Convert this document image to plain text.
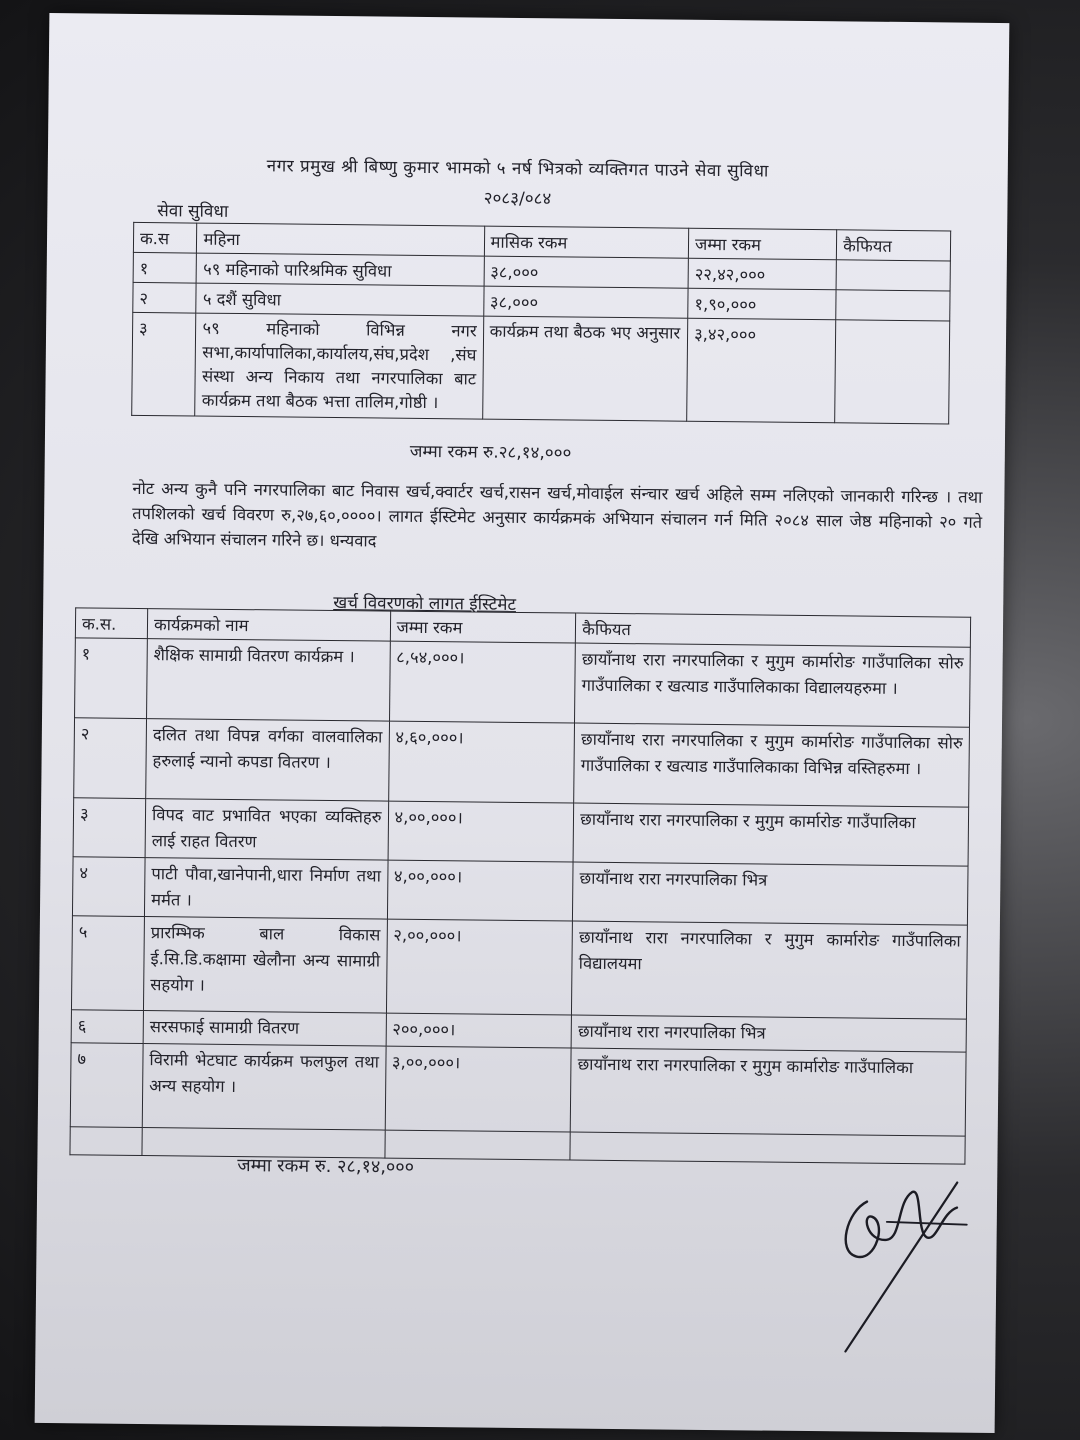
नगर प्रमुख श्री बिष्णु कुमार भामको ५ नर्ष भित्रको व्यक्तिगत पाउने सेवा सुविधा
२०८३/०८४
सेवा सुविधा
क.स	महिना	मासिक रकम	जम्मा रकम	कैफियत
१	५९ महिनाको पारिश्रमिक सुविधा	३८,०००	२२,४२,०००	
२	५ दशैं सुविधा	३८,०००	१,९०,०००	
३	५९ महिनाको विभिन्न नगर सभा,कार्यापालिका,कार्यालय,संघ,प्रदेश ,संघ संस्था अन्य निकाय तथा नगरपालिका बाट कार्यक्रम तथा बैठक भत्ता तालिम,गोष्ठी ।	कार्यक्रम तथा बैठक भए अनुसार	३,४२,०००	
जम्मा रकम रु.२८,१४,०००
नोट अन्य कुनै पनि नगरपालिका बाट निवास खर्च,क्वार्टर खर्च,रासन खर्च,मोवाईल संन्चार खर्च अहिले सम्म नलिएको जानकारी गरिन्छ । तथा तपशिलको खर्च विवरण रु,२७,६०,००००। लागत ईस्टिमेट अनुसार कार्यक्रमकं अभियान संचालन गर्न मिति २०८४ साल जेष्ठ महिनाको २० गते देखि अभियान संचालन गरिने छ। धन्यवाद
खर्च विवरणको लागत ईस्टिमेट
क.स.	कार्यक्रमको नाम	जम्मा रकम	कैफियत
१	शैक्षिक सामाग्री वितरण कार्यक्रम ।	८,५४,०००।	छायाँनाथ रारा नगरपालिका र मुगुम कार्मारोङ गाउँपालिका सोरु गाउँपालिका र खत्याड गाउँपालिकाका विद्यालयहरुमा ।
२	दलित तथा विपन्न वर्गका वालवालिका हरुलाई न्यानो कपडा वितरण ।	४,६०,०००।	छायाँनाथ रारा नगरपालिका र मुगुम कार्मारोङ गाउँपालिका सोरु गाउँपालिका र खत्याड गाउँपालिकाका विभिन्न वस्तिहरुमा ।
३	विपद वाट प्रभावित भएका व्यक्तिहरु लाई राहत वितरण	४,००,०००।	छायाँनाथ रारा नगरपालिका र मुगुम कार्मारोङ गाउँपालिका
४	पाटी पौवा,खानेपानी,धारा निर्माण तथा मर्मत ।	४,००,०००।	छायाँनाथ रारा नगरपालिका भित्र
५	प्रारम्भिक बाल विकास ई.सि.डि.कक्षामा खेलौना अन्य सामाग्री सहयोग ।	२,००,०००।	छायाँनाथ रारा नगरपालिका र मुगुम कार्मारोङ गाउँपालिका विद्यालयमा
६	सरसफाई सामाग्री वितरण	२००,०००।	छायाँनाथ रारा नगरपालिका भित्र
७	विरामी भेटघाट कार्यक्रम फलफुल तथा अन्य सहयोग ।	३,००,०००।	छायाँनाथ रारा नगरपालिका र मुगुम कार्मारोङ गाउँपालिका

जम्मा रकम रु. २८,१४,०००
